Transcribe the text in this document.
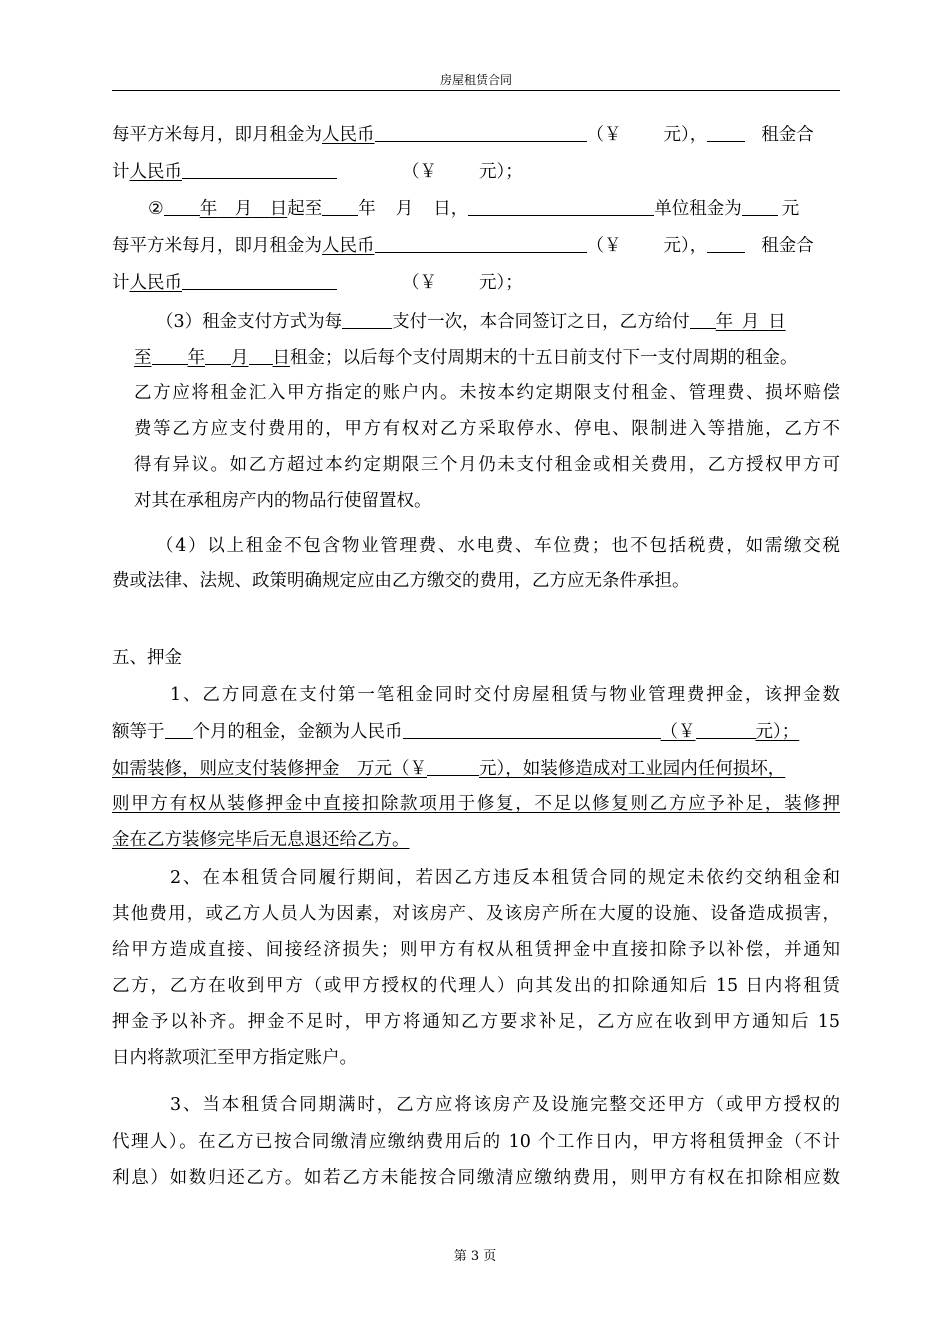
房屋租赁合同
每平方米每月，即月租金为人民币	（￥ 元），	租金合
计人民币	（￥ 元）；
② 年  月  日起至 年 月 日，	单位租金为 元
每平方米每月，即月租金为人民币	（￥ 元），	租金合
计人民币	（￥ 元）；
（3）租金支付方式为每	支付一次，本合同签订之日，乙方给付 年  月  日
至 年 月 日租金；以后每个支付周期末的十五日前支付下一支付周期的租金。
乙方应将租金汇入甲方指定的账户内。未按本约定期限支付租金、管理费、损坏赔偿
费等乙方应支付费用的，甲方有权对乙方采取停水、停电、限制进入等措施，乙方不
得有异议。如乙方超过本约定期限三个月仍未支付租金或相关费用，乙方授权甲方可
对其在承租房产内的物品行使留置权。
（4）以上租金不包含物业管理费、水电费、车位费；也不包括税费，如需缴交税
费或法律、法规、政策明确规定应由乙方缴交的费用，乙方应无条件承担。
五、押金
1、乙方同意在支付第一笔租金同时交付房屋租赁与物业管理费押金，该押金数
额等于 个月的租金，金额为人民币	（￥	元）；
如需装修，则应支付装修押金  万元（￥	元），如装修造成对工业园内任何损坏，
则甲方有权从装修押金中直接扣除款项用于修复，不足以修复则乙方应予补足，装修押
金在乙方装修完毕后无息退还给乙方。
2、在本租赁合同履行期间，若因乙方违反本租赁合同的规定未依约交纳租金和
其他费用，或乙方人员人为因素，对该房产、及该房产所在大厦的设施、设备造成损害，
给甲方造成直接、间接经济损失；则甲方有权从租赁押金中直接扣除予以补偿，并通知
乙方，乙方在收到甲方（或甲方授权的代理人）向其发出的扣除通知后 15 日内将租赁
押金予以补齐。押金不足时，甲方将通知乙方要求补足，乙方应在收到甲方通知后 15
日内将款项汇至甲方指定账户。
3、当本租赁合同期满时，乙方应将该房产及设施完整交还甲方（或甲方授权的
代理人）。在乙方已按合同缴清应缴纳费用后的 10 个工作日内，甲方将租赁押金（不计
利息）如数归还乙方。如若乙方未能按合同缴清应缴纳费用，则甲方有权在扣除相应数
第 3 页
